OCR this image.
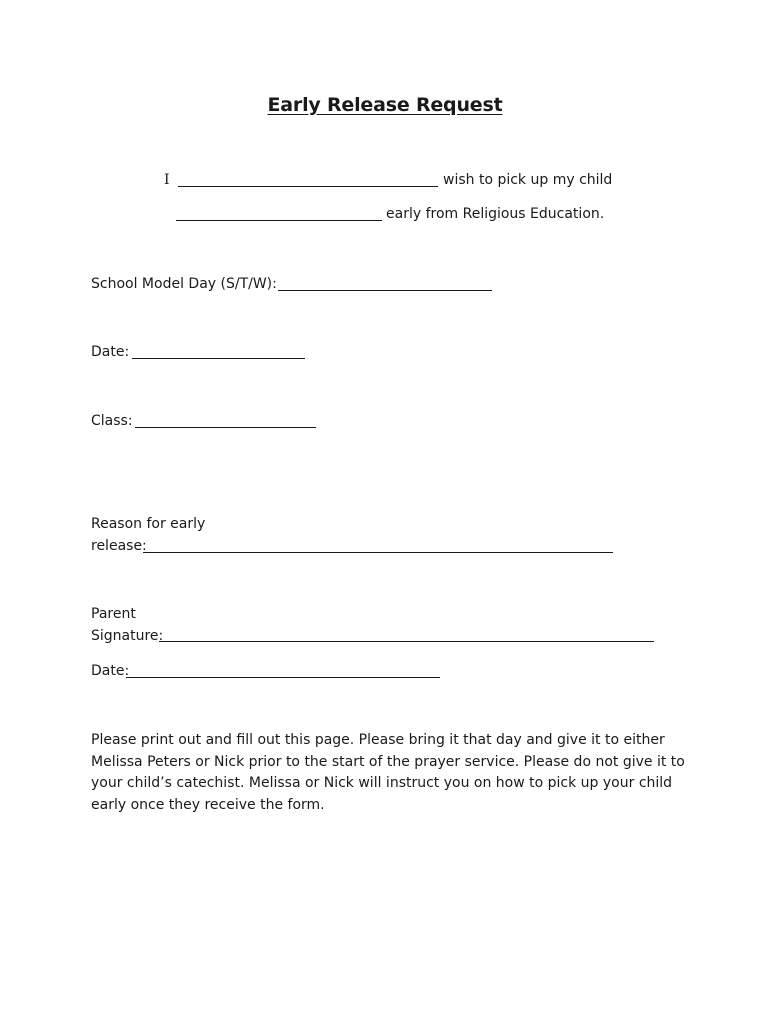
Early Release Request
I	wish to pick up my child
early from Religious Education.
School Model Day (S/T/W):
Date:
Class:
Reason for early
release:
Parent
Signature:
Date:
Please print out and fill out this page. Please bring it that day and give it to either
Melissa Peters or Nick prior to the start of the prayer service. Please do not give it to
your child’s catechist. Melissa or Nick will instruct you on how to pick up your child
early once they receive the form.
